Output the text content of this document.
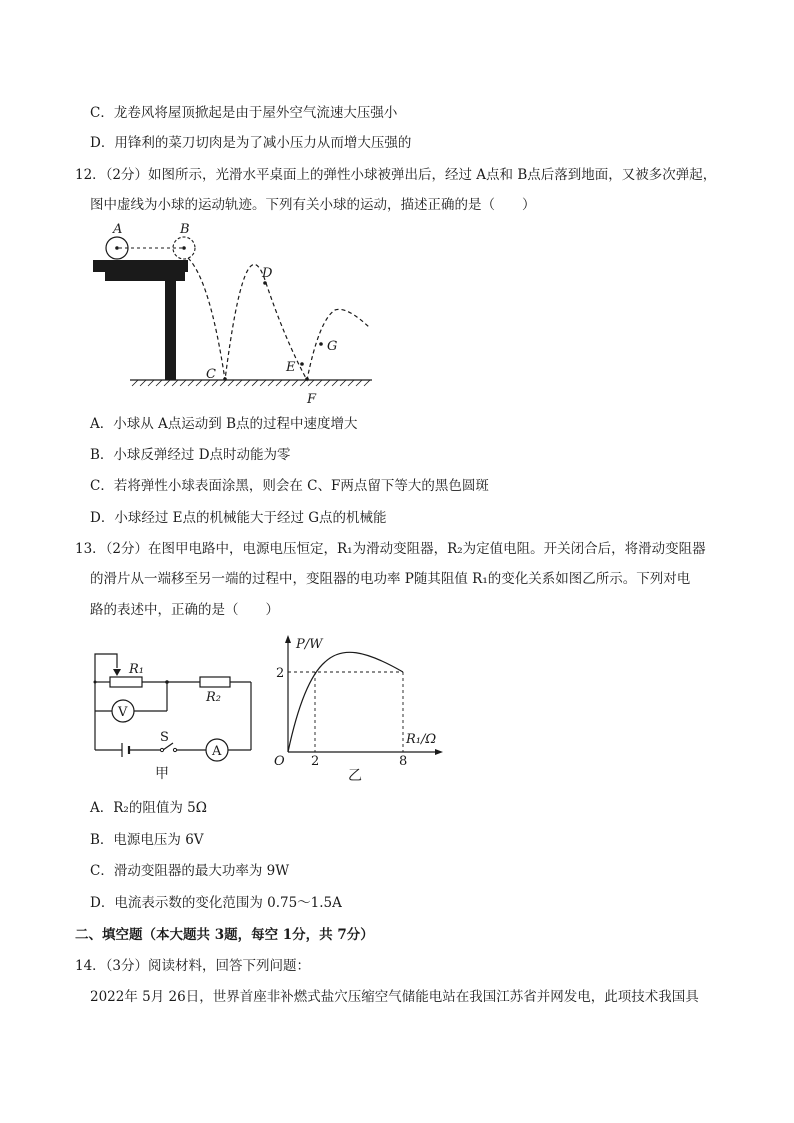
C．龙卷风将屋顶掀起是由于屋外空气流速大压强小
D．用锋利的菜刀切肉是为了减小压力从而增大压强的
12．（2分）如图所示，光滑水平桌面上的弹性小球被弹出后，经过 A点和 B点后落到地面，又被多次弹起，
图中虚线为小球的运动轨迹。下列有关小球的运动，描述正确的是（　　）
A	B
C
D
E
F
G
A．小球从 A点运动到 B点的过程中速度增大
B．小球反弹经过 D点时动能为零
C．若将弹性小球表面涂黑，则会在 C、F两点留下等大的黑色圆斑
D．小球经过 E点的机械能大于经过 G点的机械能
13．（2分）在图甲电路中，电源电压恒定，R₁为滑动变阻器，R₂为定值电阻。开关闭合后，将滑动变阻器
的滑片从一端移至另一端的过程中，变阻器的电功率 P随其阻值 R₁的变化关系如图乙所示。下列对电
路的表述中，正确的是（　　）
V
A
R₁
R₂
S
甲
P/W
R₁/Ω
O
2
2	8
乙
A．R₂的阻值为 5Ω
B．电源电压为 6V
C．滑动变阻器的最大功率为 9W
D．电流表示数的变化范围为 0.75～1.5A
二、填空题（本大题共 3题，每空 1分，共 7分）
14．（3分）阅读材料，回答下列问题：
2022年 5月 26日，世界首座非补燃式盐穴压缩空气储能电站在我国江苏省并网发电，此项技术我国具
